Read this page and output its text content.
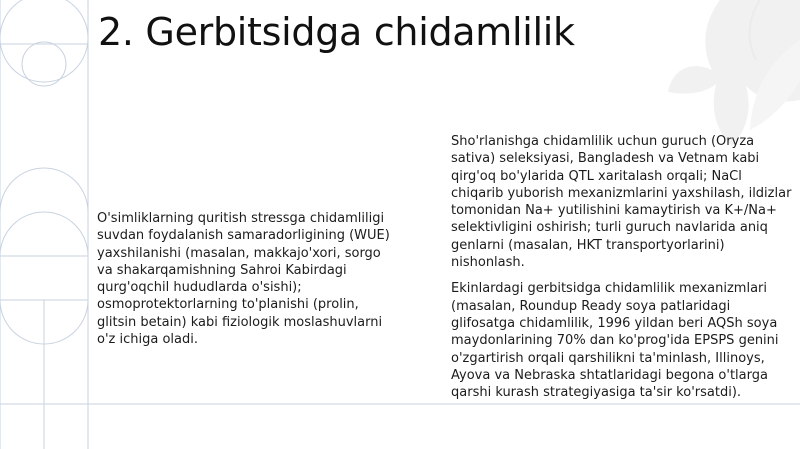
2. Gerbitsidga chidamlilik

O'simliklarning quritish stressga chidamliligi suvdan foydalanish samaradorligining (WUE) yaxshilanishi (masalan, makkajo'xori, sorgo va shakarqamishning Sahroi Kabirdagi qurg'oqchil hududlarda o'sishi); osmoprotektorlarning to'planishi (prolin, glitsin betain) kabi fiziologik moslashuvlarni o'z ichiga oladi.

Sho'rlanishga chidamlilik uchun guruch (Oryza sativa) seleksiyasi, Bangladesh va Vetnam kabi qirg'oq bo'ylarida QTL xaritalash orqali; NaCl chiqarib yuborish mexanizmlarini yaxshilash, ildizlar tomonidan Na+ yutilishini kamaytirish va K+/Na+ selektivligini oshirish; turli guruch navlarida aniq genlarni (masalan, HKT transportyorlarini) nishonlash.

Ekinlardagi gerbitsidga chidamlilik mexanizmlari (masalan, Roundup Ready soya patlaridagi glifosatga chidamlilik, 1996 yildan beri AQSh soya maydonlarining 70% dan ko'prog'ida EPSPS genini o'zgartirish orqali qarshilikni ta'minlash, Illinoys, Ayova va Nebraska shtatlaridagi begona o'tlarga qarshi kurash strategiyasiga ta'sir ko'rsatdi).
